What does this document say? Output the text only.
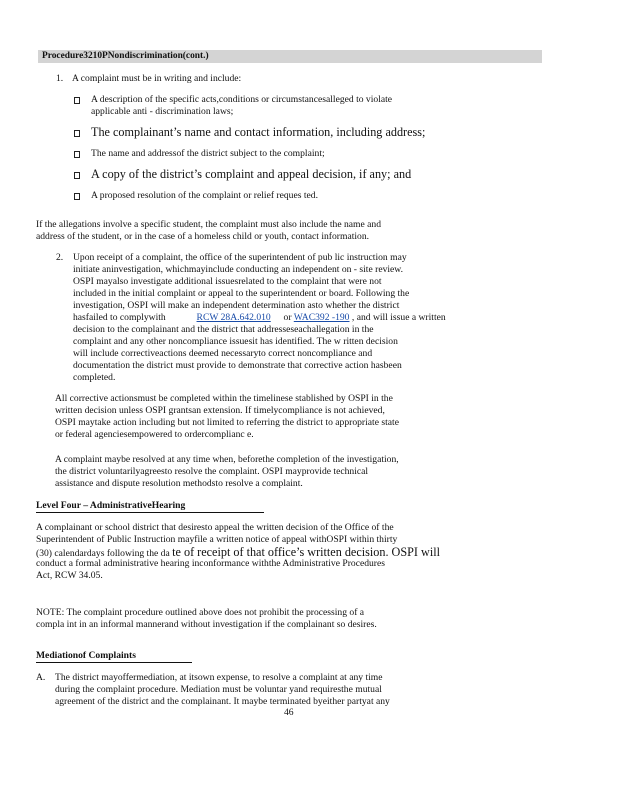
Procedure3210PNondiscrimination(cont.)
1. A complaint must be in writing and include:
A description of the specific acts,conditions or circumstancesalleged to violate
applicable anti - discrimination laws;
The complainant’s name and contact information, including address;
The name and addressof the district subject to the complaint;
A copy of the district’s complaint and appeal decision, if any; and
A proposed resolution of the complaint or relief reques ted.
If the allegations involve a specific student, the complaint must also include the name and
address of the student, or in the case of a homeless child or youth, contact information.
2. Upon receipt of a complaint, the office of the superintendent of pub lic instruction may
initiate aninvestigation, whichmayinclude conducting an independent on - site review.
OSPI mayalso investigate additional issuesrelated to the complaint that were not
included in the initial complaint or appeal to the superintendent or board. Following the
investigation, OSPI will make an independent determination asto whether the district
hasfailed to complywith	RCW 28A.642.010 or WAC392 -190 , and will issue a written
decision to the complainant and the district that addresseseachallegation in the
complaint and any other noncompliance issuesit has identified. The w ritten decision
will include correctiveactions deemed necessaryto correct noncompliance and
documentation the district must provide to demonstrate that corrective action hasbeen
completed.
All corrective actionsmust be completed within the timelinese stablished by OSPI in the
written decision unless OSPI grantsan extension. If timelycompliance is not achieved,
OSPI maytake action including but not limited to referring the district to appropriate state
or federal agenciesempowered to ordercomplianc e.
A complaint maybe resolved at any time when, beforethe completion of the investigation,
the district voluntarilyagreesto resolve the complaint. OSPI mayprovide technical
assistance and dispute resolution methodsto resolve a complaint.
Level Four – AdministrativeHearing
A complainant or school district that desiresto appeal the written decision of the Office of the
Superintendent of Public Instruction mayfile a written notice of appeal withOSPI within thirty
(30) calendardays following the da te of receipt of that office’s written decision. OSPI will
conduct a formal administrative hearing inconformance withthe Administrative Procedures
Act, RCW 34.05.
NOTE: The complaint procedure outlined above does not prohibit the processing of a
compla int in an informal mannerand without investigation if the complainant so desires.
Mediationof Complaints
A. The district mayoffermediation, at itsown expense, to resolve a complaint at any time
during the complaint procedure. Mediation must be voluntar yand requiresthe mutual
agreement of the district and the complainant. It maybe terminated byeither partyat any
46
